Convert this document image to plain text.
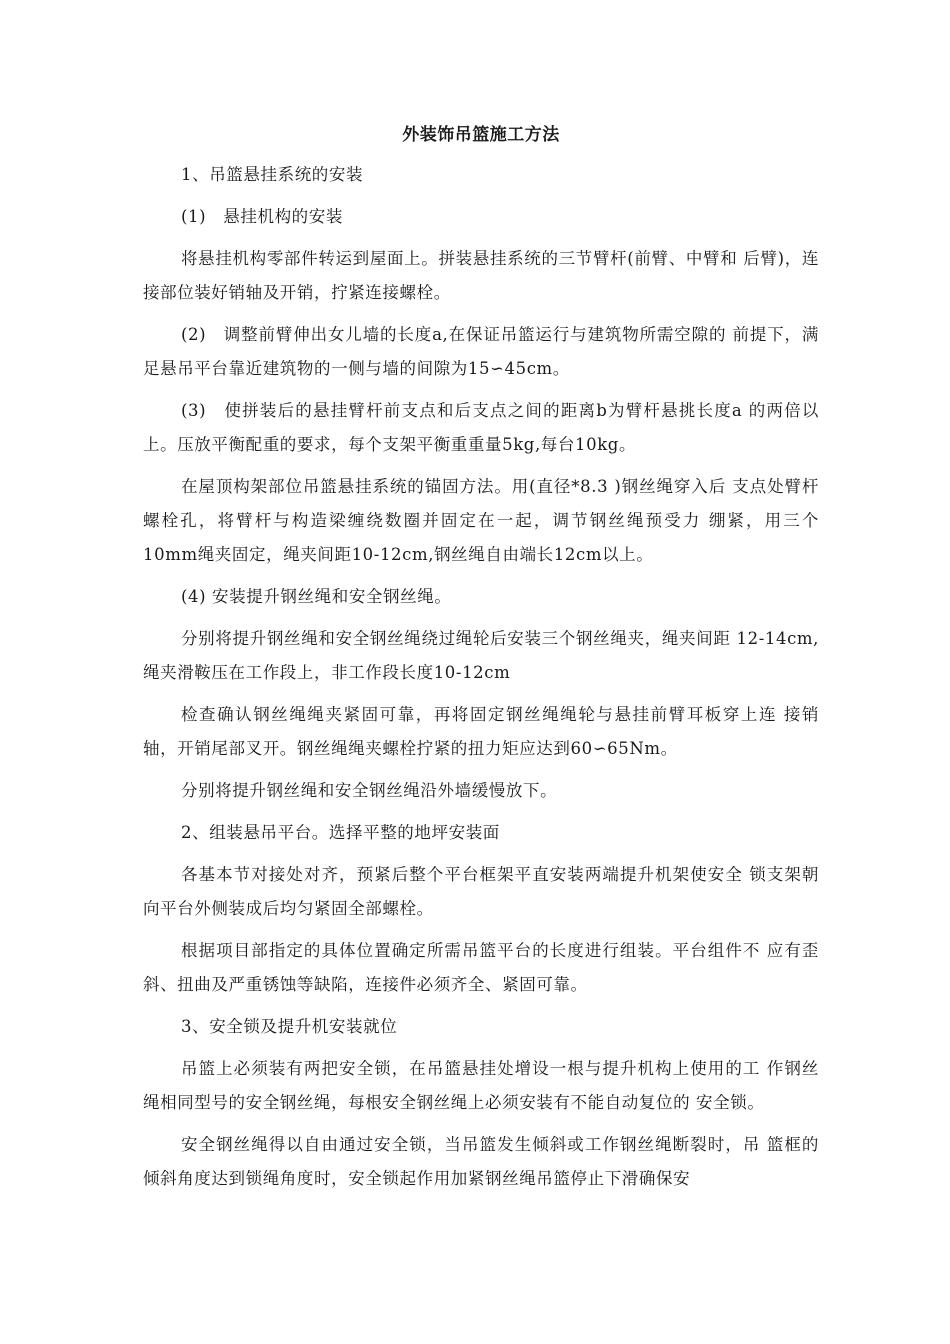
外装饰吊篮施工方法

1、吊篮悬挂系统的安装

(1)　悬挂机构的安装

将悬挂机构零部件转运到屋面上。拼装悬挂系统的三节臂杆(前臂、中臂和 后臂)，连接部位装好销轴及开销，拧紧连接螺栓。

(2)　调整前臂伸出女儿墙的长度a,在保证吊篮运行与建筑物所需空隙的 前提下，满足悬吊平台靠近建筑物的一侧与墙的间隙为15∽45cm。

(3)　使拼装后的悬挂臂杆前支点和后支点之间的距离b为臂杆悬挑长度a 的两倍以上。压放平衡配重的要求，每个支架平衡重重量5kg,每台10kg。

在屋顶构架部位吊篮悬挂系统的锚固方法。用(直径*8.3 )钢丝绳穿入后 支点处臂杆螺栓孔，将臂杆与构造梁缠绕数圈并固定在一起，调节钢丝绳预受力 绷紧，用三个10mm绳夹固定，绳夹间距10-12cm,钢丝绳自由端长12cm以上。

(4) 安装提升钢丝绳和安全钢丝绳。

分别将提升钢丝绳和安全钢丝绳绕过绳轮后安装三个钢丝绳夹，绳夹间距 12-14cm,绳夹滑鞍压在工作段上，非工作段长度10-12cm

检查确认钢丝绳绳夹紧固可靠，再将固定钢丝绳绳轮与悬挂前臂耳板穿上连 接销轴，开销尾部叉开。钢丝绳绳夹螺栓拧紧的扭力矩应达到60∽65Nm。

分别将提升钢丝绳和安全钢丝绳沿外墙缓慢放下。

2、组装悬吊平台。选择平整的地坪安装面

各基本节对接处对齐，预紧后整个平台框架平直安装两端提升机架使安全 锁支架朝向平台外侧装成后均匀紧固全部螺栓。

根据项目部指定的具体位置确定所需吊篮平台的长度进行组装。平台组件不 应有歪斜、扭曲及严重锈蚀等缺陷，连接件必须齐全、紧固可靠。

3、安全锁及提升机安装就位

吊篮上必须装有两把安全锁，在吊篮悬挂处增设一根与提升机构上使用的工 作钢丝绳相同型号的安全钢丝绳，每根安全钢丝绳上必须安装有不能自动复位的 安全锁。

安全钢丝绳得以自由通过安全锁，当吊篮发生倾斜或工作钢丝绳断裂时，吊 篮框的倾斜角度达到锁绳角度时，安全锁起作用加紧钢丝绳吊篮停止下滑确保安
